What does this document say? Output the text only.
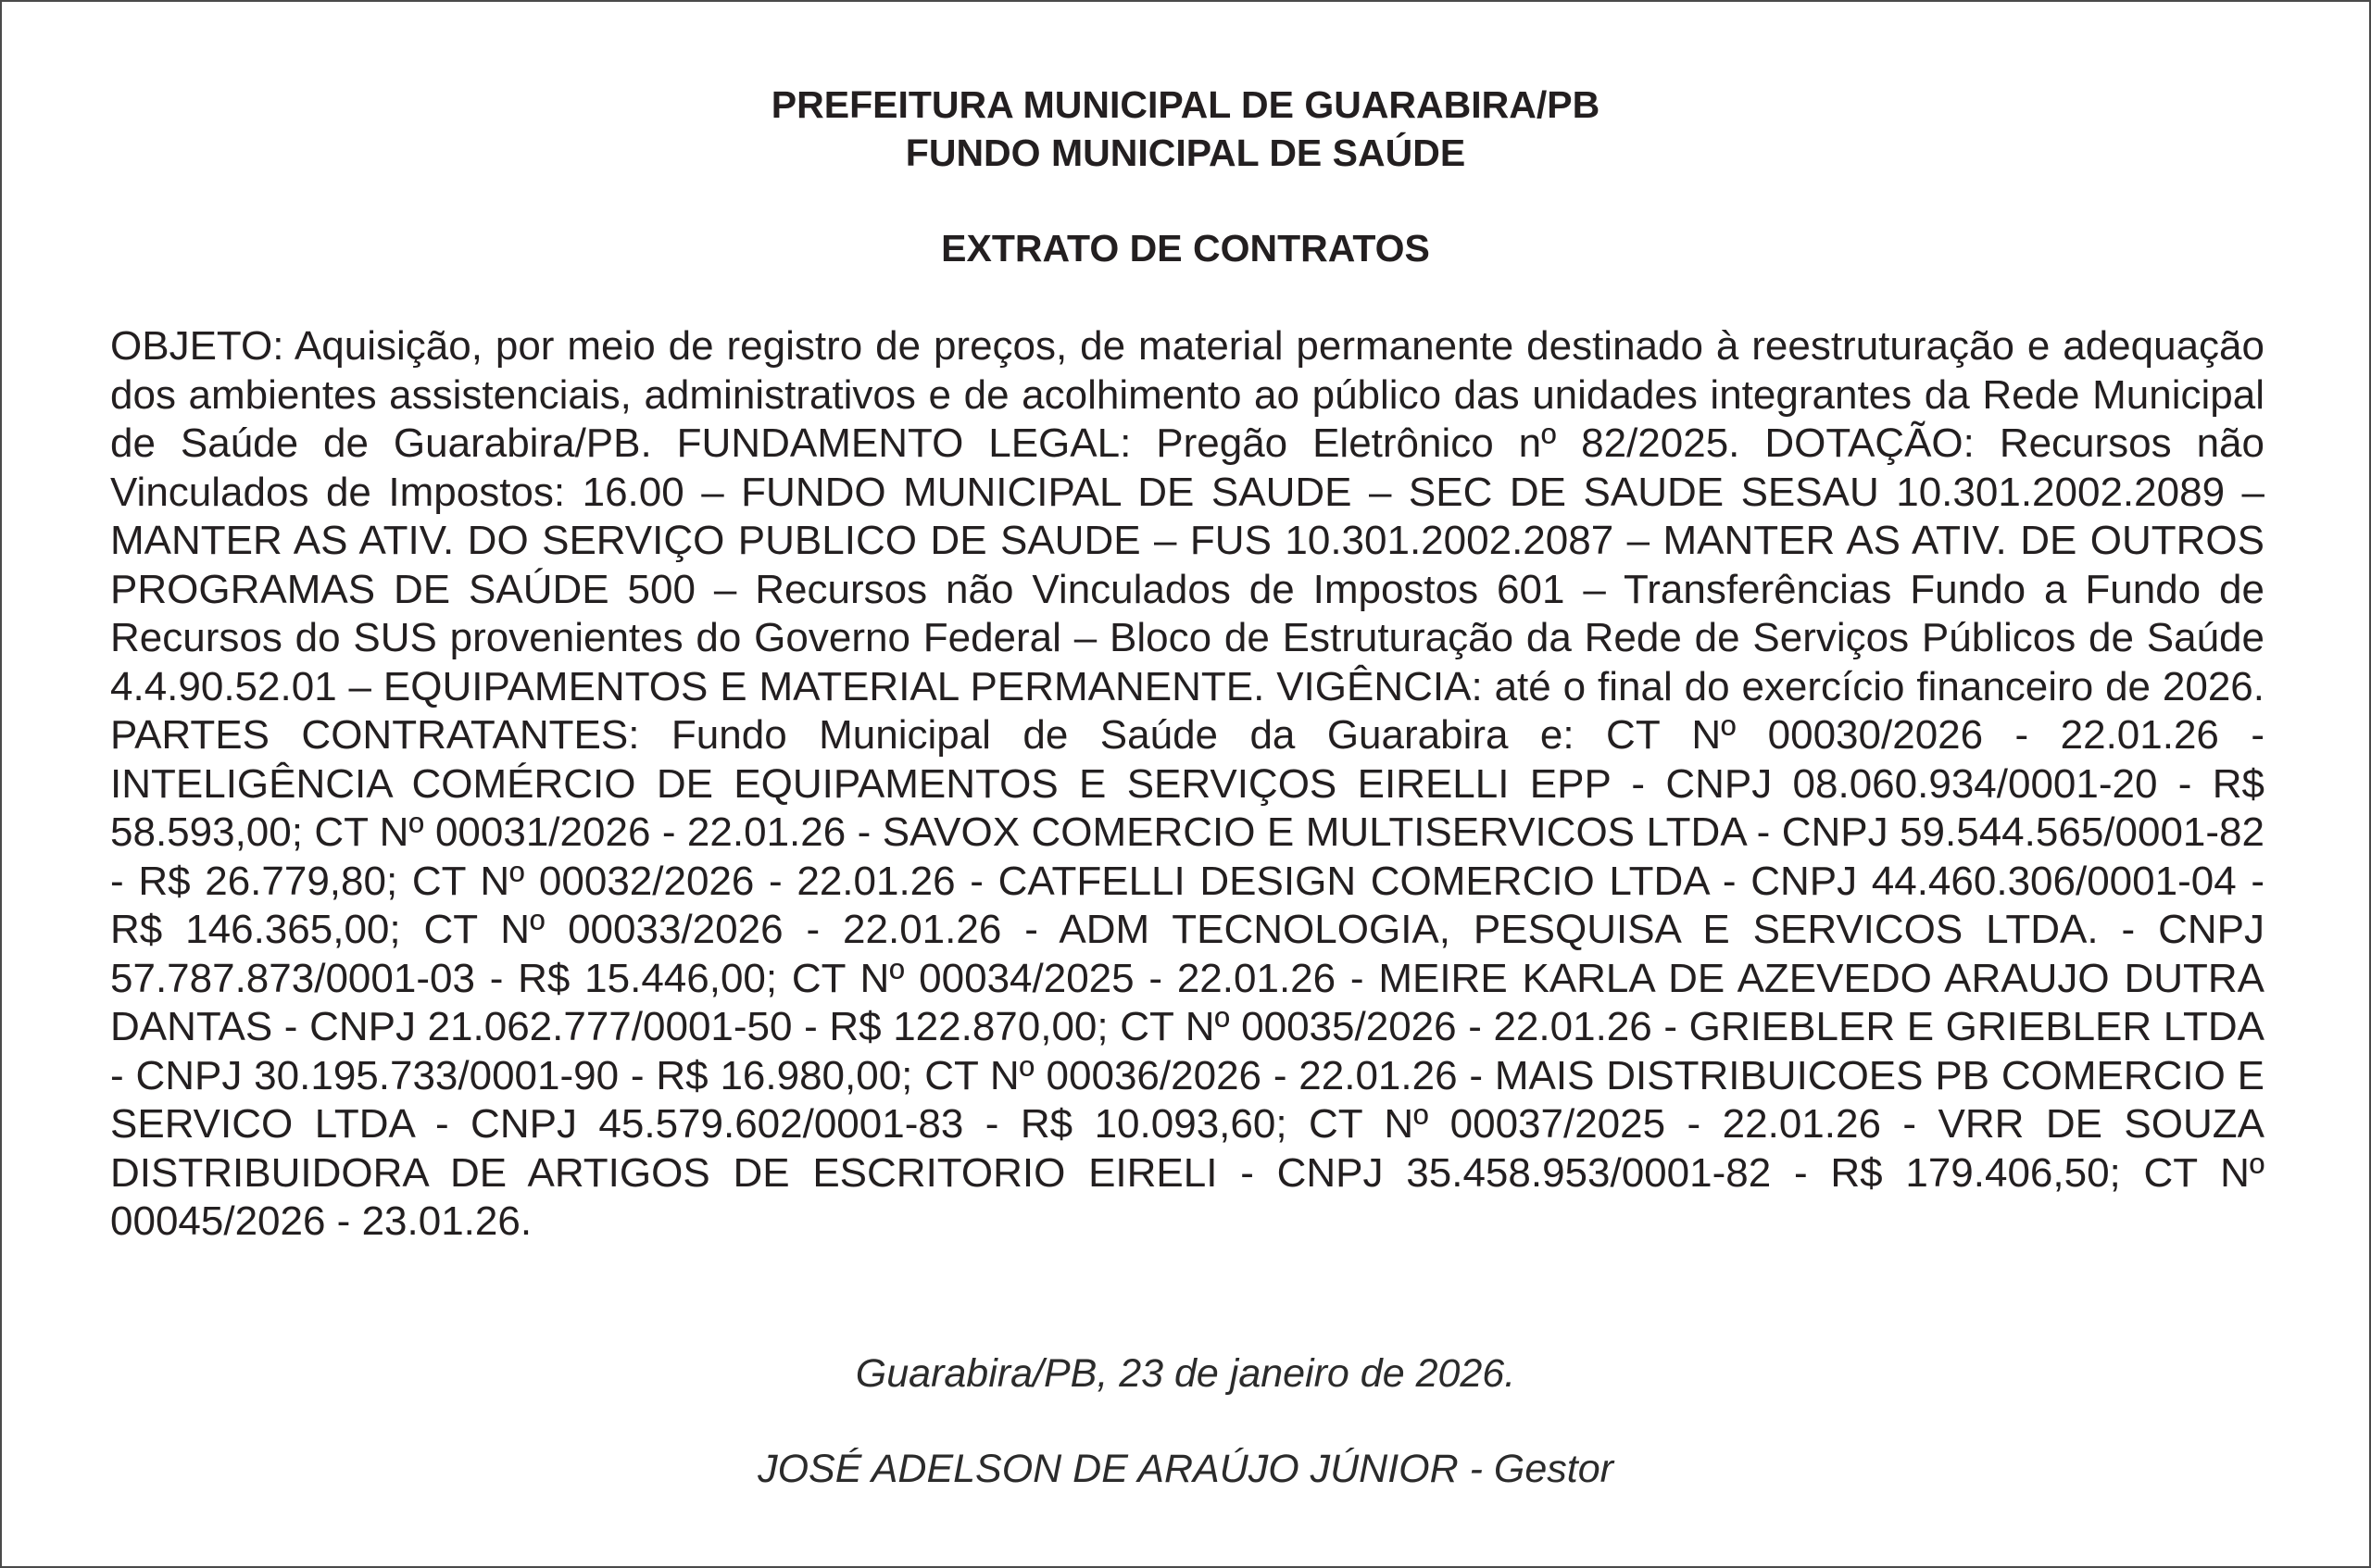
PREFEITURA MUNICIPAL DE GUARABIRA/PB
FUNDO MUNICIPAL DE SAÚDE
EXTRATO DE CONTRATOS

OBJETO: Aquisição, por meio de registro de preços, de material permanente destinado à reestruturação e adequação dos ambientes assistenciais, administrativos e de acolhimento ao público das unidades integrantes da Rede Municipal de Saúde de Guarabira/PB. FUNDAMENTO LEGAL: Pregão Eletrônico nº 82/2025. DOTAÇÃO: Recursos não Vinculados de Impostos: 16.00 – FUNDO MUNICIPAL DE SAUDE – SEC DE SAUDE SESAU 10.301.2002.2089 – MANTER AS ATIV. DO SERVIÇO PUBLICO DE SAUDE – FUS 10.301.2002.2087 – MANTER AS ATIV. DE OUTROS PROGRAMAS DE SAÚDE 500 – Recursos não Vinculados de Impostos 601 – Transferências Fundo a Fundo de Recursos do SUS provenientes do Governo Federal – Bloco de Estruturação da Rede de Serviços Públicos de Saúde 4.4.90.52.01 – EQUIPAMENTOS E MATERIAL PERMANENTE. VIGÊNCIA: até o final do exercício financeiro de 2026. PARTES CONTRATANTES: Fundo Municipal de Saúde da Guarabira e: CT Nº 00030/2026 - 22.01.26 - INTELIGÊNCIA COMÉRCIO DE EQUIPAMENTOS E SERVIÇOS EIRELLI EPP - CNPJ 08.060.934/0001-20 - R$ 58.593,00; CT Nº 00031/2026 - 22.01.26 - SAVOX COMERCIO E MULTISERVICOS LTDA - CNPJ 59.544.565/0001-82 - R$ 26.779,80; CT Nº 00032/2026 - 22.01.26 - CATFELLI DESIGN COMERCIO LTDA - CNPJ 44.460.306/0001-04 - R$ 146.365,00; CT Nº 00033/2026 - 22.01.26 - ADM TECNOLOGIA, PESQUISA E SERVICOS LTDA. - CNPJ 57.787.873/0001-03 - R$ 15.446,00; CT Nº 00034/2025 - 22.01.26 - MEIRE KARLA DE AZEVEDO ARAUJO DUTRA DANTAS - CNPJ 21.062.777/0001-50 - R$ 122.870,00; CT Nº 00035/2026 - 22.01.26 - GRIEBLER E GRIEBLER LTDA - CNPJ 30.195.733/0001-90 - R$ 16.980,00; CT Nº 00036/2026 - 22.01.26 - MAIS DISTRIBUICOES PB COMERCIO E SERVICO LTDA - CNPJ 45.579.602/0001-83 - R$ 10.093,60; CT Nº 00037/2025 - 22.01.26 - VRR DE SOUZA DISTRIBUIDORA DE ARTIGOS DE ESCRITORIO EIRELI - CNPJ 35.458.953/0001-82 - R$ 179.406,50; CT Nº 00045/2026 - 23.01.26.

Guarabira/PB, 23 de janeiro de 2026.
JOSÉ ADELSON DE ARAÚJO JÚNIOR - Gestor
